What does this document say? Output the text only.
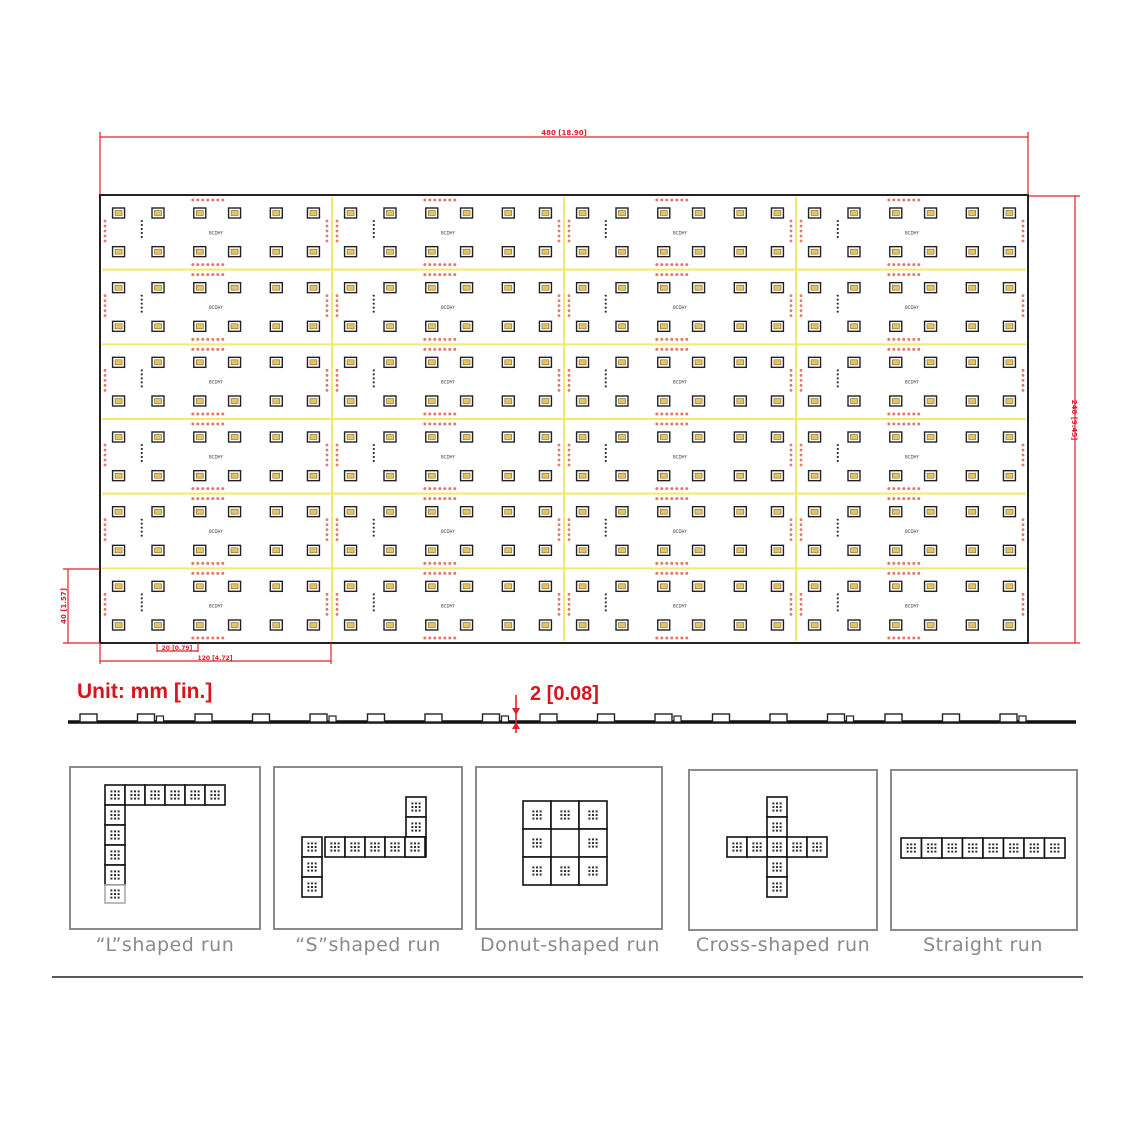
480 [18.90]
240 [9.45]
BCDHY	BCDHY	BCDHY	BCDHY
BCDHY	BCDHY	BCDHY	BCDHY
BCDHY	BCDHY	BCDHY	BCDHY
BCDHY	BCDHY	BCDHY	BCDHY
BCDHY	BCDHY	BCDHY	BCDHY
BCDHY	BCDHY	BCDHY	BCDHY
40 [1.57]
20 [0.79]
120 [4.72]
Unit: mm [in.]	2 [0.08]
“L”shaped run	“S”shaped run	Donut-shaped run	Cross-shaped run	Straight run
